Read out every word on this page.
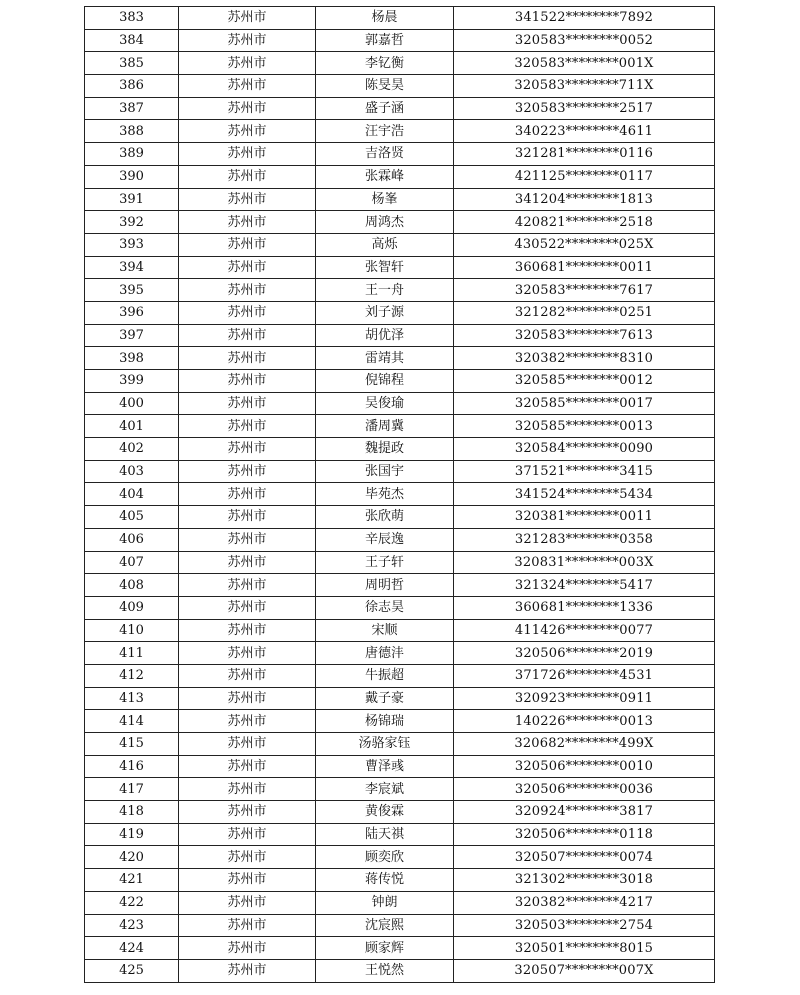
383	苏州市	杨晨	341522********7892
384	苏州市	郭嘉哲	320583********0052
385	苏州市	李钇衡	320583********001X
386	苏州市	陈旻昊	320583********711X
387	苏州市	盛子涵	320583********2517
388	苏州市	汪宇浩	340223********4611
389	苏州市	吉洛贤	321281********0116
390	苏州市	张霖峰	421125********0117
391	苏州市	杨峯	341204********1813
392	苏州市	周鸿杰	420821********2518
393	苏州市	高烁	430522********025X
394	苏州市	张智轩	360681********0011
395	苏州市	王一舟	320583********7617
396	苏州市	刘子源	321282********0251
397	苏州市	胡优泽	320583********7613
398	苏州市	雷靖其	320382********8310
399	苏州市	倪锦程	320585********0012
400	苏州市	吴俊瑜	320585********0017
401	苏州市	潘周冀	320585********0013
402	苏州市	魏提政	320584********0090
403	苏州市	张国宇	371521********3415
404	苏州市	毕苑杰	341524********5434
405	苏州市	张欣萌	320381********0011
406	苏州市	辛辰逸	321283********0358
407	苏州市	王子轩	320831********003X
408	苏州市	周明哲	321324********5417
409	苏州市	徐志昊	360681********1336
410	苏州市	宋顺	411426********0077
411	苏州市	唐德沣	320506********2019
412	苏州市	牛振超	371726********4531
413	苏州市	戴子豪	320923********0911
414	苏州市	杨锦瑞	140226********0013
415	苏州市	汤骆家钰	320682********499X
416	苏州市	曹泽彧	320506********0010
417	苏州市	李宸斌	320506********0036
418	苏州市	黄俊霖	320924********3817
419	苏州市	陆天祺	320506********0118
420	苏州市	顾奕欣	320507********0074
421	苏州市	蒋传悦	321302********3018
422	苏州市	钟朗	320382********4217
423	苏州市	沈宸熙	320503********2754
424	苏州市	顾家辉	320501********8015
425	苏州市	王悦然	320507********007X
